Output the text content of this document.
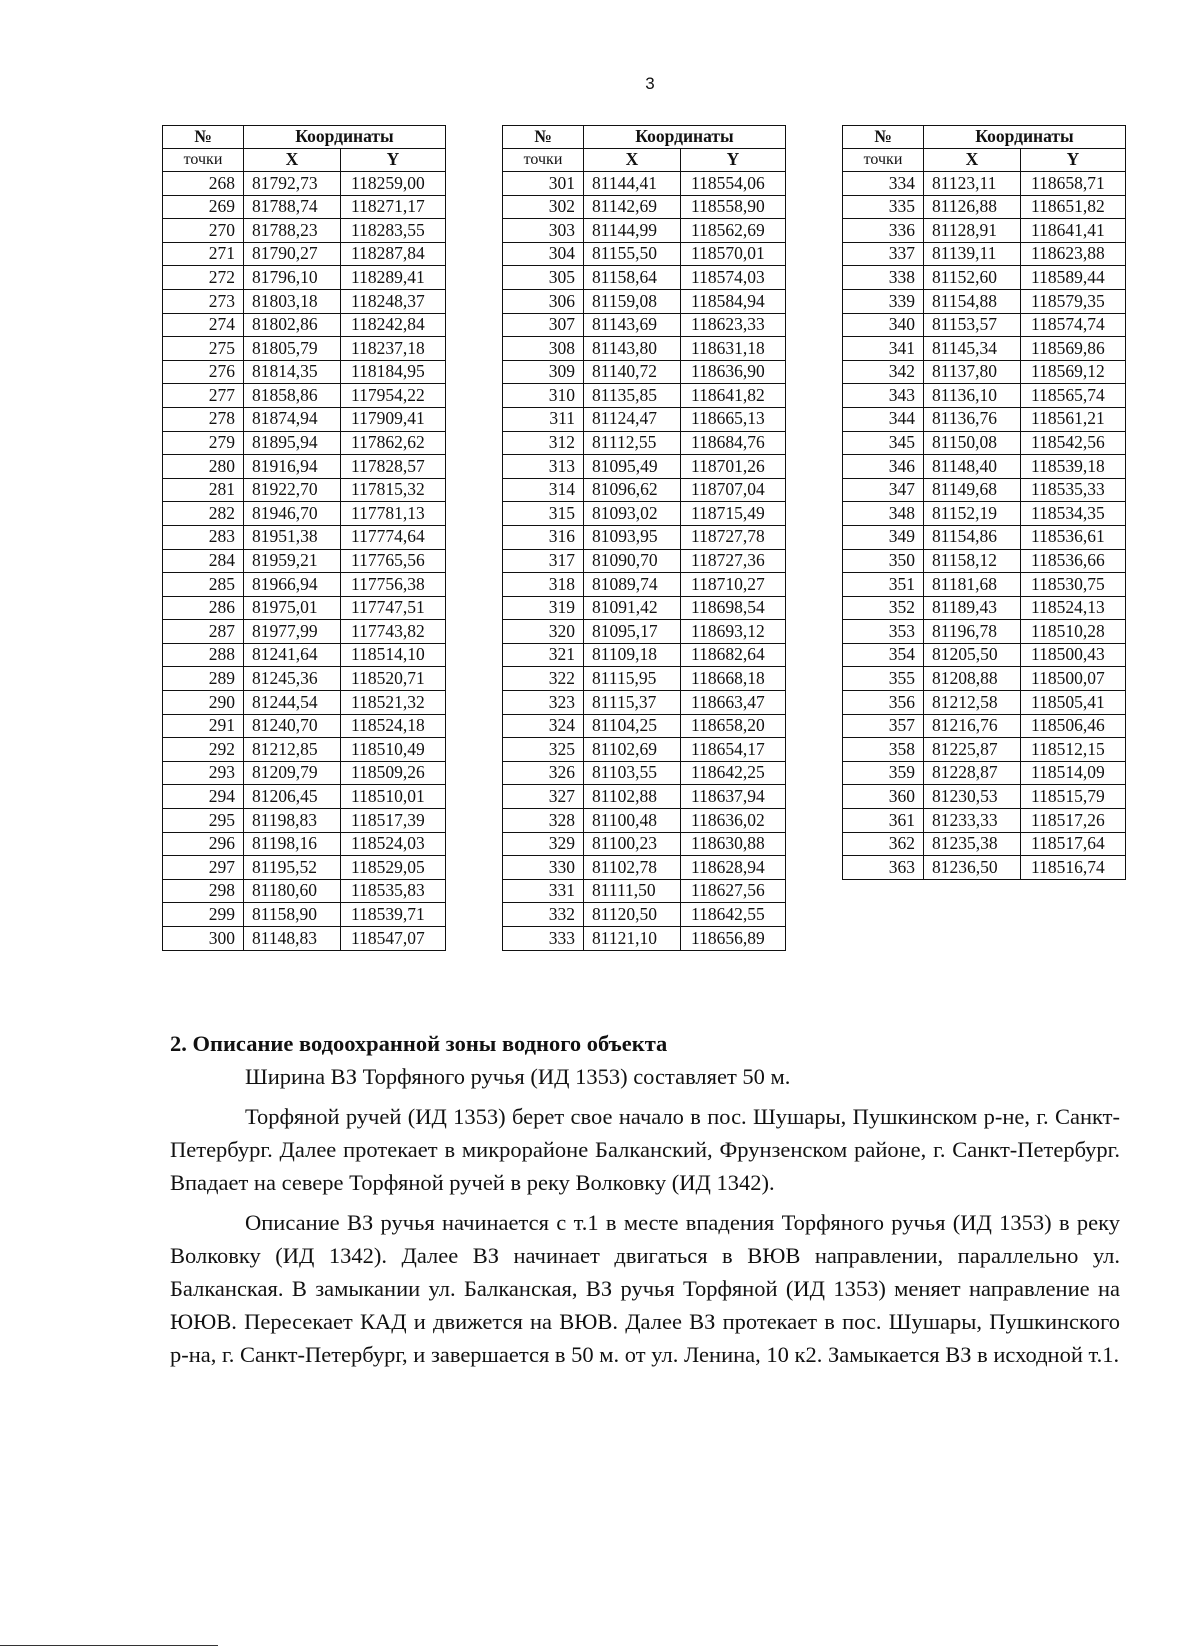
3
№	Координаты	
точки	X	Y
268	81792,73	118259,00
269	81788,74	118271,17
270	81788,23	118283,55
271	81790,27	118287,84
272	81796,10	118289,41
273	81803,18	118248,37
274	81802,86	118242,84
275	81805,79	118237,18
276	81814,35	118184,95
277	81858,86	117954,22
278	81874,94	117909,41
279	81895,94	117862,62
280	81916,94	117828,57
281	81922,70	117815,32
282	81946,70	117781,13
283	81951,38	117774,64
284	81959,21	117765,56
285	81966,94	117756,38
286	81975,01	117747,51
287	81977,99	117743,82
288	81241,64	118514,10
289	81245,36	118520,71
290	81244,54	118521,32
291	81240,70	118524,18
292	81212,85	118510,49
293	81209,79	118509,26
294	81206,45	118510,01
295	81198,83	118517,39
296	81198,16	118524,03
297	81195,52	118529,05
298	81180,60	118535,83
299	81158,90	118539,71
300	81148,83	118547,07
№	Координаты	
точки	X	Y
301	81144,41	118554,06
302	81142,69	118558,90
303	81144,99	118562,69
304	81155,50	118570,01
305	81158,64	118574,03
306	81159,08	118584,94
307	81143,69	118623,33
308	81143,80	118631,18
309	81140,72	118636,90
310	81135,85	118641,82
311	81124,47	118665,13
312	81112,55	118684,76
313	81095,49	118701,26
314	81096,62	118707,04
315	81093,02	118715,49
316	81093,95	118727,78
317	81090,70	118727,36
318	81089,74	118710,27
319	81091,42	118698,54
320	81095,17	118693,12
321	81109,18	118682,64
322	81115,95	118668,18
323	81115,37	118663,47
324	81104,25	118658,20
325	81102,69	118654,17
326	81103,55	118642,25
327	81102,88	118637,94
328	81100,48	118636,02
329	81100,23	118630,88
330	81102,78	118628,94
331	81111,50	118627,56
332	81120,50	118642,55
333	81121,10	118656,89
№	Координаты	
точки	X	Y
334	81123,11	118658,71
335	81126,88	118651,82
336	81128,91	118641,41
337	81139,11	118623,88
338	81152,60	118589,44
339	81154,88	118579,35
340	81153,57	118574,74
341	81145,34	118569,86
342	81137,80	118569,12
343	81136,10	118565,74
344	81136,76	118561,21
345	81150,08	118542,56
346	81148,40	118539,18
347	81149,68	118535,33
348	81152,19	118534,35
349	81154,86	118536,61
350	81158,12	118536,66
351	81181,68	118530,75
352	81189,43	118524,13
353	81196,78	118510,28
354	81205,50	118500,43
355	81208,88	118500,07
356	81212,58	118505,41
357	81216,76	118506,46
358	81225,87	118512,15
359	81228,87	118514,09
360	81230,53	118515,79
361	81233,33	118517,26
362	81235,38	118517,64
363	81236,50	118516,74
2. Описание водоохранной зоны водного объекта

Ширина ВЗ Торфяного ручья (ИД 1353) составляет 50 м.

Торфяной ручей (ИД 1353) берет свое начало в пос. Шушары, Пушкинском р-не, г. Санкт-Петербург. Далее протекает в микрорайоне Балканский, Фрунзенском районе, г. Санкт-Петербург. Впадает на севере Торфяной ручей в реку Волковку (ИД 1342).

Описание ВЗ ручья начинается с т.1 в месте впадения Торфяного ручья (ИД 1353) в реку Волковку (ИД 1342). Далее ВЗ начинает двигаться в ВЮВ направлении, параллельно ул. Балканская. В замыкании ул. Балканская, ВЗ ручья Торфяной (ИД 1353) меняет направление на ЮЮВ. Пересекает КАД и движется на ВЮВ. Далее ВЗ протекает в пос. Шушары, Пушкинского р-на, г. Санкт-Петербург, и завершается в 50 м. от ул. Ленина, 10 к2. Замыкается ВЗ в исходной т.1.
